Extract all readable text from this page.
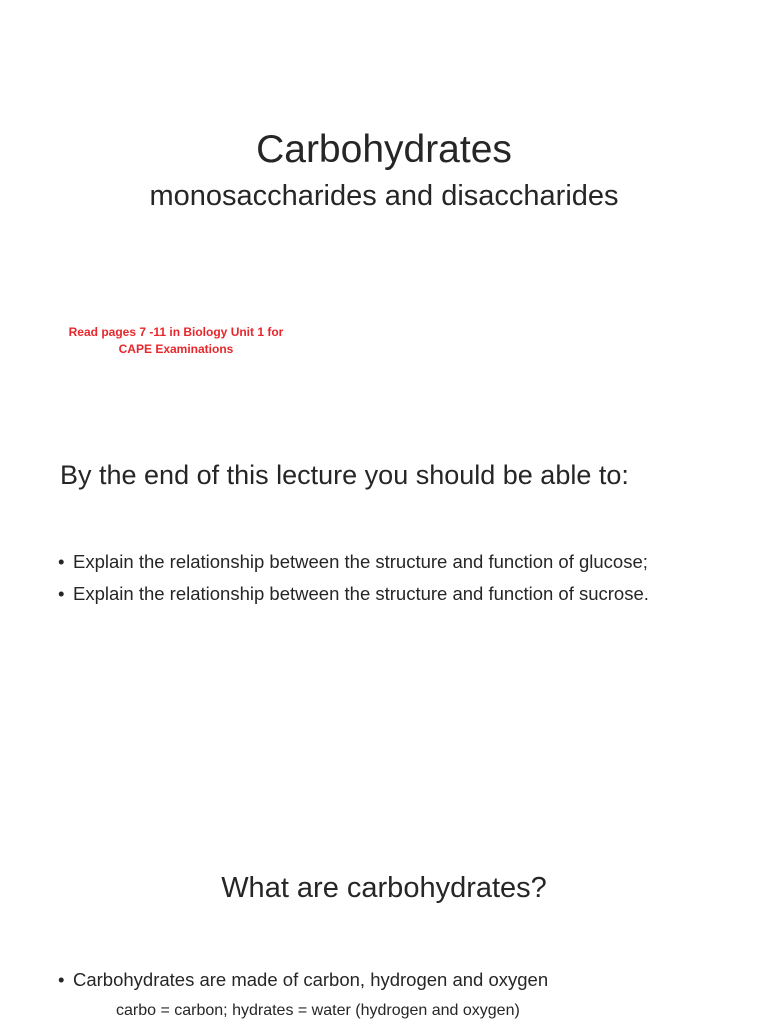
Carbohydrates
monosaccharides and disaccharides

Read pages 7 -11 in Biology Unit 1 for
CAPE Examinations

By the end of this lecture you should be able to:
• Explain the relationship between the structure and function of glucose;
• Explain the relationship between the structure and function of sucrose.
What are carbohydrates?
• Carbohydrates are made of carbon, hydrogen and oxygen
carbo = carbon; hydrates = water (hydrogen and oxygen)
